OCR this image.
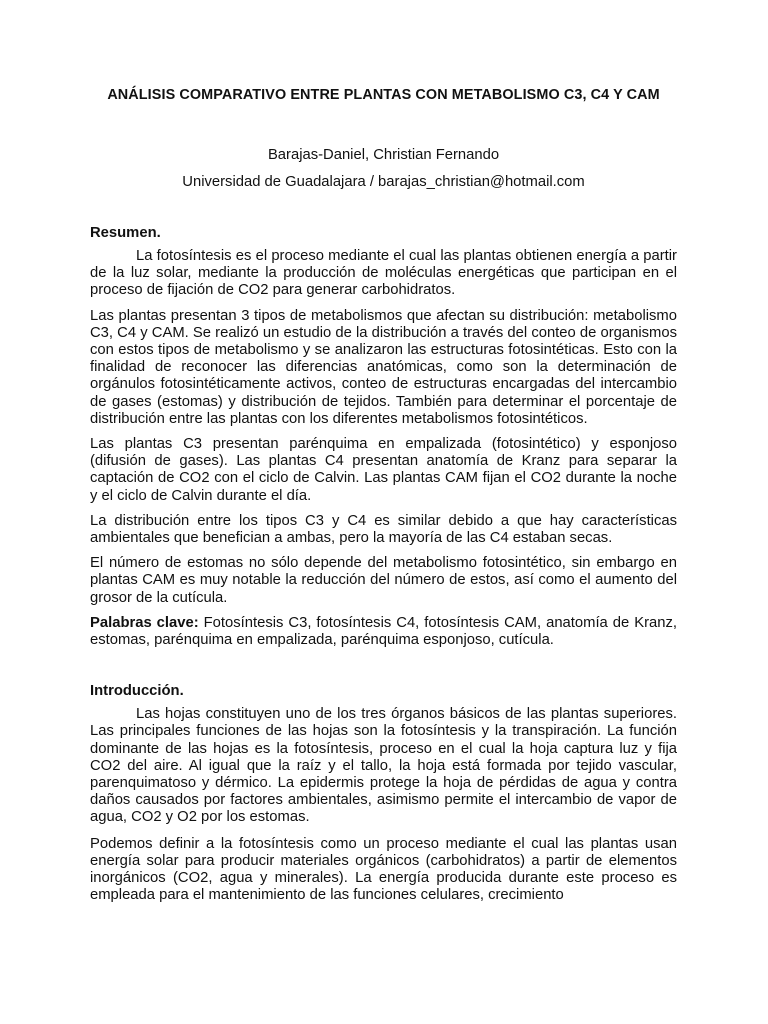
ANÁLISIS COMPARATIVO ENTRE PLANTAS CON METABOLISMO C3, C4 Y CAM
Barajas-Daniel, Christian Fernando
Universidad de Guadalajara / barajas_christian@hotmail.com
Resumen.

La fotosíntesis es el proceso mediante el cual las plantas obtienen energía a partir de la luz solar, mediante la producción de moléculas energéticas que participan en el proceso de fijación de CO2 para generar carbohidratos.

Las plantas presentan 3 tipos de metabolismos que afectan su distribución: metabolismo C3, C4 y CAM. Se realizó un estudio de la distribución a través del conteo de organismos con estos tipos de metabolismo y se analizaron las estructuras fotosintéticas. Esto con la finalidad de reconocer las diferencias anatómicas, como son la determinación de orgánulos fotosintéticamente activos, conteo de estructuras encargadas del intercambio de gases (estomas) y distribución de tejidos. También para determinar el porcentaje de distribución entre las plantas con los diferentes metabolismos fotosintéticos.

Las plantas C3 presentan parénquima en empalizada (fotosintético) y esponjoso (difusión de gases). Las plantas C4 presentan anatomía de Kranz para separar la captación de CO2 con el ciclo de Calvin. Las plantas CAM fijan el CO2 durante la noche y el ciclo de Calvin durante el día.

La distribución entre los tipos C3 y C4 es similar debido a que hay características ambientales que benefician a ambas, pero la mayoría de las C4 estaban secas.

El número de estomas no sólo depende del metabolismo fotosintético, sin embargo en plantas CAM es muy notable la reducción del número de estos, así como el aumento del grosor de la cutícula.

Palabras clave: Fotosíntesis C3, fotosíntesis C4, fotosíntesis CAM, anatomía de Kranz, estomas, parénquima en empalizada, parénquima esponjoso, cutícula.

Introducción.

Las hojas constituyen uno de los tres órganos básicos de las plantas superiores. Las principales funciones de las hojas son la fotosíntesis y la transpiración. La función dominante de las hojas es la fotosíntesis, proceso en el cual la hoja captura luz y fija CO2 del aire. Al igual que la raíz y el tallo, la hoja está formada por tejido vascular, parenquimatoso y dérmico. La epidermis protege la hoja de pérdidas de agua y contra daños causados por factores ambientales, asimismo permite el intercambio de vapor de agua, CO2 y O2 por los estomas.

Podemos definir a la fotosíntesis como un proceso mediante el cual las plantas usan energía solar para producir materiales orgánicos (carbohidratos) a partir de elementos inorgánicos (CO2, agua y minerales). La energía producida durante este proceso es empleada para el mantenimiento de las funciones celulares, crecimiento
